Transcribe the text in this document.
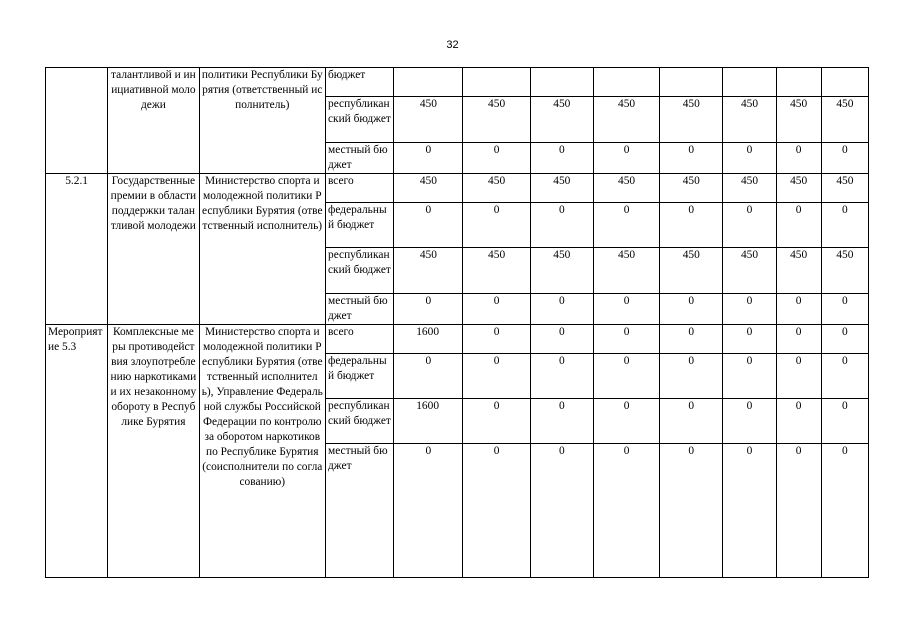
32
	талантливой и инициативной молодежи	политики Республики Бурятия (ответственный исполнитель)	бюджет								
			республиканский бюджет	450	450	450	450	450	450	450	450
			местный бюджет	0	0	0	0	0	0	0	0
5.2.1	Государственные премии в области поддержки талантливой молодежи	Министерство спорта и молодежной политики Республики Бурятия (ответственный исполнитель)	всего	450	450	450	450	450	450	450	450
			федеральный бюджет	0	0	0	0	0	0	0	0
			республиканский бюджет	450	450	450	450	450	450	450	450
			местный бюджет	0	0	0	0	0	0	0	0
Мероприятие 5.3	Комплексные меры противодействия злоупотреблению наркотиками и их незаконному обороту в Республике Бурятия	Министерство спорта и молодежной политики Республики Бурятия (ответственный исполнитель), Управление Федеральной службы Российской Федерации по контролю за оборотом наркотиков по Республике Бурятия (соисполнители по согласованию)	всего	1600	0	0	0	0	0	0	0
			федеральный бюджет	0	0	0	0	0	0	0	0
			республиканский бюджет	1600	0	0	0	0	0	0	0
			местный бюджет	0	0	0	0	0	0	0	0
